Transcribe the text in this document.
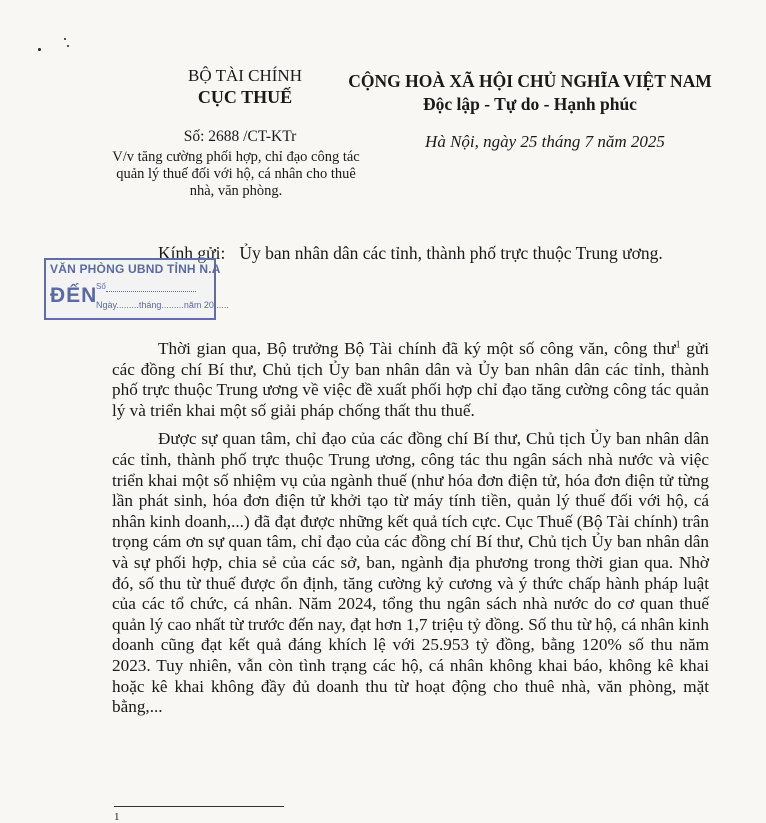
BỘ TÀI CHÍNH
CỤC THUẾ
CỘNG HOÀ XÃ HỘI CHỦ NGHĨA VIỆT NAM
Độc lập - Tự do - Hạnh phúc
Số: 2688 /CT-KTr
V/v tăng cường phối hợp, chỉ đạo công tác quản lý thuế đối với hộ, cá nhân cho thuê nhà, văn phòng.
Hà Nội, ngày 25 tháng 7 năm 2025
Kính gửi: Ủy ban nhân dân các tỉnh, thành phố trực thuộc Trung ương.
VĂN PHÒNG UBND TỈNH N.A
ĐẾN
Số
Ngày.........tháng.........năm 20......

Thời gian qua, Bộ trưởng Bộ Tài chính đã ký một số công văn, công thư$^1$ gửi các đồng chí Bí thư, Chủ tịch Ủy ban nhân dân và Ủy ban nhân dân các tỉnh, thành phố trực thuộc Trung ương về việc đề xuất phối hợp chỉ đạo tăng cường công tác quản lý và triển khai một số giải pháp chống thất thu thuế.

Được sự quan tâm, chỉ đạo của các đồng chí Bí thư, Chủ tịch Ủy ban nhân dân các tỉnh, thành phố trực thuộc Trung ương, công tác thu ngân sách nhà nước và việc triển khai một số nhiệm vụ của ngành thuế (như hóa đơn điện tử, hóa đơn điện tử từng lần phát sinh, hóa đơn điện tử khởi tạo từ máy tính tiền, quản lý thuế đối với hộ, cá nhân kinh doanh,...) đã đạt được những kết quả tích cực. Cục Thuế (Bộ Tài chính) trân trọng cám ơn sự quan tâm, chỉ đạo của các đồng chí Bí thư, Chủ tịch Ủy ban nhân dân và sự phối hợp, chia sẻ của các sở, ban, ngành địa phương trong thời gian qua. Nhờ đó, số thu từ thuế được ổn định, tăng cường kỷ cương và ý thức chấp hành pháp luật của các tổ chức, cá nhân. Năm 2024, tổng thu ngân sách nhà nước do cơ quan thuế quản lý cao nhất từ trước đến nay, đạt hơn 1,7 triệu tỷ đồng. Số thu từ hộ, cá nhân kinh doanh cũng đạt kết quả đáng khích lệ với 25.953 tỷ đồng, bằng 120% số thu năm 2023. Tuy nhiên, vẫn còn tình trạng các hộ, cá nhân không khai báo, không kê khai hoặc kê khai không đầy đủ doanh thu từ hoạt động cho thuê nhà, văn phòng, mặt bằng,...

1
